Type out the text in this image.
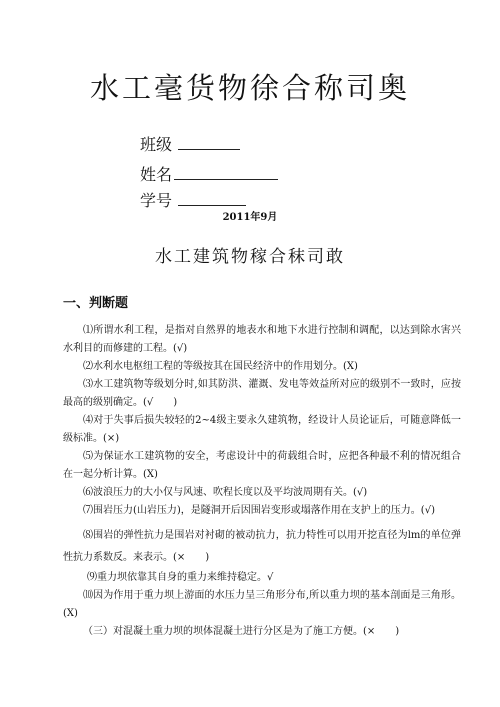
水工毫货物徐合称司奥
班级
姓名
学号
2011年9月
水工建筑物稼合秣司敢
一、判断题

⑴所谓水利工程，是指对自然界的地表水和地下水进行控制和调配，以达到除水害兴水利目的而修建的工程。(√)

⑵水利水电枢纽工程的等级按其在国民经济中的作用划分。(X)

⑶水工建筑物等级划分时,如其防洪、灌溉、发电等效益所对应的级别不一致时，应按最高的级别确定。(√　　)

⑷对于失事后损失较轻的2~4级主要永久建筑物，经设计人员论证后，可随意降低一级标准。(×)

⑸为保证水工建筑物的安全，考虑设计中的荷载组合时，应把各种最不利的情况组合在一起分析计算。(X)

⑹波浪压力的大小仅与风速、吹程长度以及平均波周期有关。(√)

⑺围岩压力(山岩压力)，是隧洞开后因围岩变形或塌落作用在支护上的压力。(√)

⑻围岩的弹性抗力是围岩对衬砌的被动抗力，抗力特性可以用开挖直径为lm的单位弹性抗力系数反。来表示。(×　　)

⑼重力坝依靠其自身的重力来维持稳定。√

⑽因为作用于重力坝上游面的水压力呈三角形分布,所以重力坝的基本剖面是三角形。(X)

（三）对混凝土重力坝的坝体混凝土进行分区是为了施工方便。(×　　)
